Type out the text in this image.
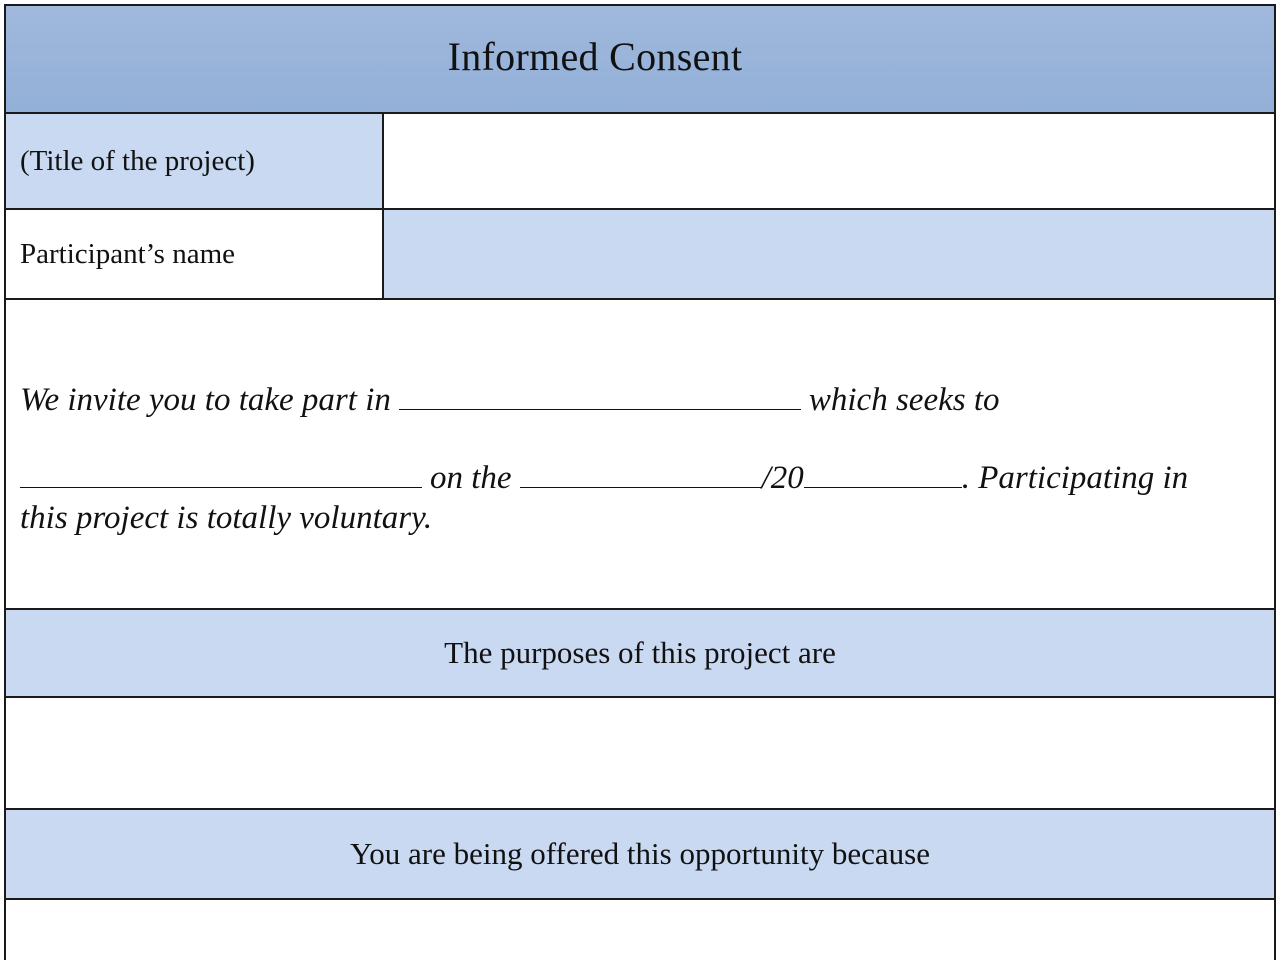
Informed Consent
(Title of the project)
Participant’s name
We invite you to take part in	which seeks to
on the	/20	. Participating in
this project is totally voluntary.
The purposes of this project are
You are being offered this opportunity because
